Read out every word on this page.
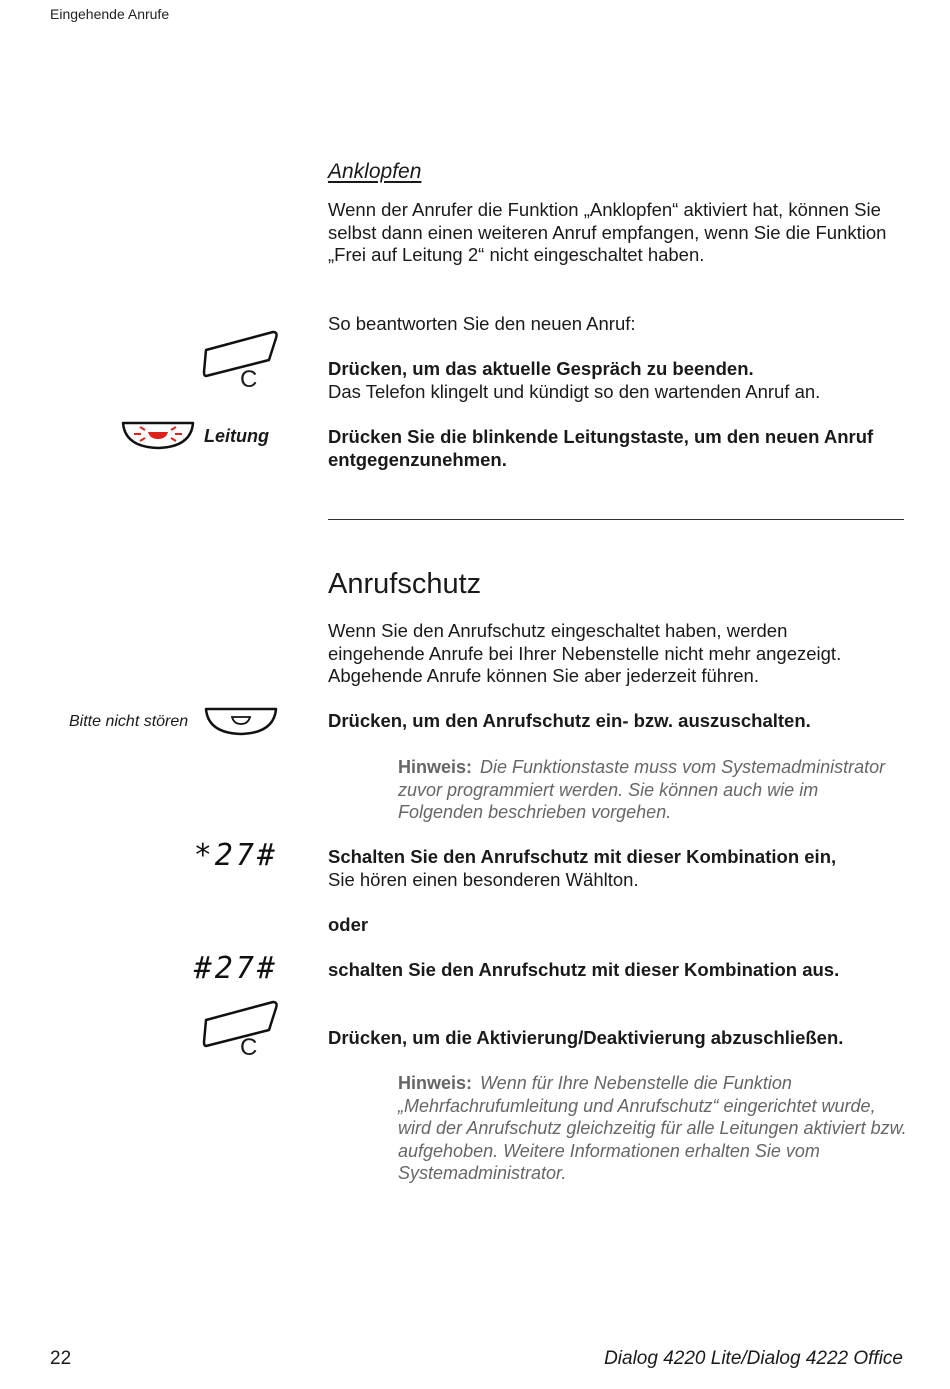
Eingehende Anrufe
Anklopfen
Wenn der Anrufer die Funktion „Anklopfen“ aktiviert hat, können Sie selbst dann einen weiteren Anruf empfangen, wenn Sie die Funktion „Frei auf Leitung 2“ nicht eingeschaltet haben.
So beantworten Sie den neuen Anruf:
C	Drücken, um das aktuelle Gespräch zu beenden.
Das Telefon klingelt und kündigt so den wartenden Anruf an.
Leitung	Drücken Sie die blinkende Leitungstaste, um den neuen Anruf entgegenzunehmen.
Anrufschutz
Wenn Sie den Anrufschutz eingeschaltet haben, werden eingehende Anrufe bei Ihrer Nebenstelle nicht mehr angezeigt. Abgehende Anrufe können Sie aber jederzeit führen.
Bitte nicht stören	Drücken, um den Anrufschutz ein- bzw. auszuschalten.
Hinweis: Die Funktionstaste muss vom Systemadministrator zuvor programmiert werden. Sie können auch wie im Folgenden beschrieben vorgehen.
*27#	Schalten Sie den Anrufschutz mit dieser Kombination ein,
Sie hören einen besonderen Wählton.
oder
#27#	schalten Sie den Anrufschutz mit dieser Kombination aus.
C	Drücken, um die Aktivierung/Deaktivierung abzuschließen.
Hinweis: Wenn für Ihre Nebenstelle die Funktion „Mehrfachrufumleitung und Anrufschutz“ eingerichtet wurde, wird der Anrufschutz gleichzeitig für alle Leitungen aktiviert bzw. aufgehoben. Weitere Informationen erhalten Sie vom Systemadministrator.
22	Dialog 4220 Lite/Dialog 4222 Office
